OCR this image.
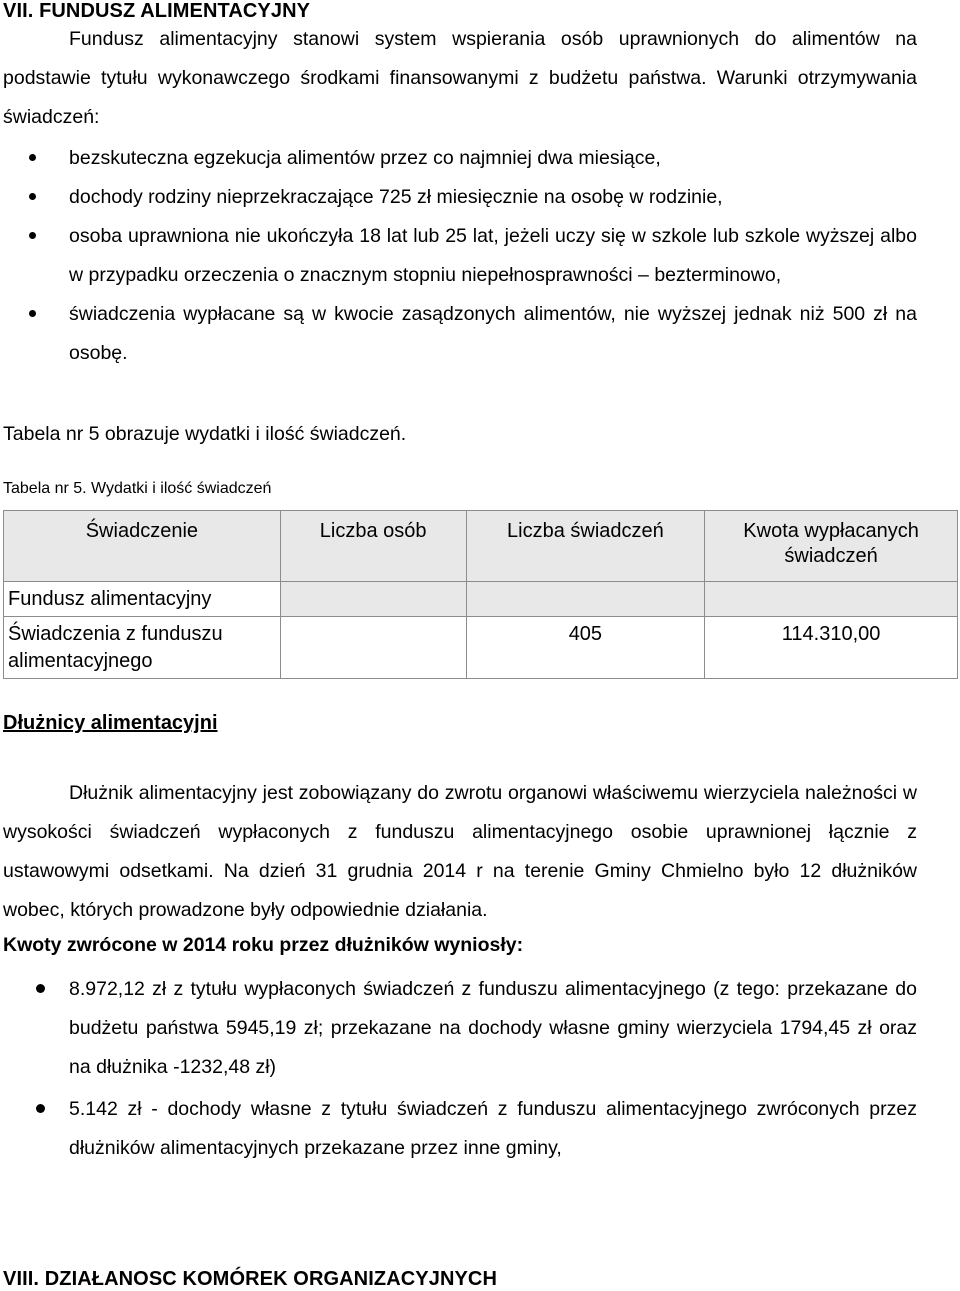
VII. FUNDUSZ ALIMENTACYJNY

Fundusz alimentacyjny stanowi system wspierania osób uprawnionych do alimentów na podstawie tytułu wykonawczego środkami finansowanymi z budżetu państwa. Warunki otrzymywania świadczeń:

bezskuteczna egzekucja alimentów przez co najmniej dwa miesiące,
dochody rodziny nieprzekraczające 725 zł miesięcznie na osobę w rodzinie,
osoba uprawniona nie ukończyła 18 lat lub 25 lat, jeżeli uczy się w szkole lub szkole wyższej albo w przypadku orzeczenia o znacznym stopniu niepełnosprawności – bezterminowo,
świadczenia wypłacane są w kwocie zasądzonych alimentów, nie wyższej jednak niż 500 zł na osobę.

Tabela nr 5 obrazuje wydatki i ilość świadczeń.

Tabela nr 5. Wydatki i ilość świadczeń
Świadczenie	Liczba osób	Liczba świadczeń	Kwota wypłacanych świadczeń
Fundusz alimentacyjny			
Świadczenia z funduszu alimentacyjnego		405	114.310,00
Dłużnicy alimentacyjni

Dłużnik alimentacyjny jest zobowiązany do zwrotu organowi właściwemu wierzyciela należności w wysokości świadczeń wypłaconych z funduszu alimentacyjnego osobie uprawnionej łącznie z ustawowymi odsetkami. Na dzień 31 grudnia 2014 r na terenie Gminy Chmielno było 12 dłużników wobec, których prowadzone były odpowiednie działania.

Kwoty zwrócone w 2014 roku przez dłużników wyniosły:
8.972,12 zł z tytułu wypłaconych świadczeń z funduszu alimentacyjnego (z tego: przekazane do budżetu państwa 5945,19 zł; przekazane na dochody własne gminy wierzyciela 1794,45 zł oraz na dłużnika -1232,48 zł)
5.142 zł - dochody własne z tytułu świadczeń z funduszu alimentacyjnego zwróconych przez dłużników alimentacyjnych przekazane przez inne gminy,
VIII. DZIAŁANOSC KOMÓREK ORGANIZACYJNYCH
